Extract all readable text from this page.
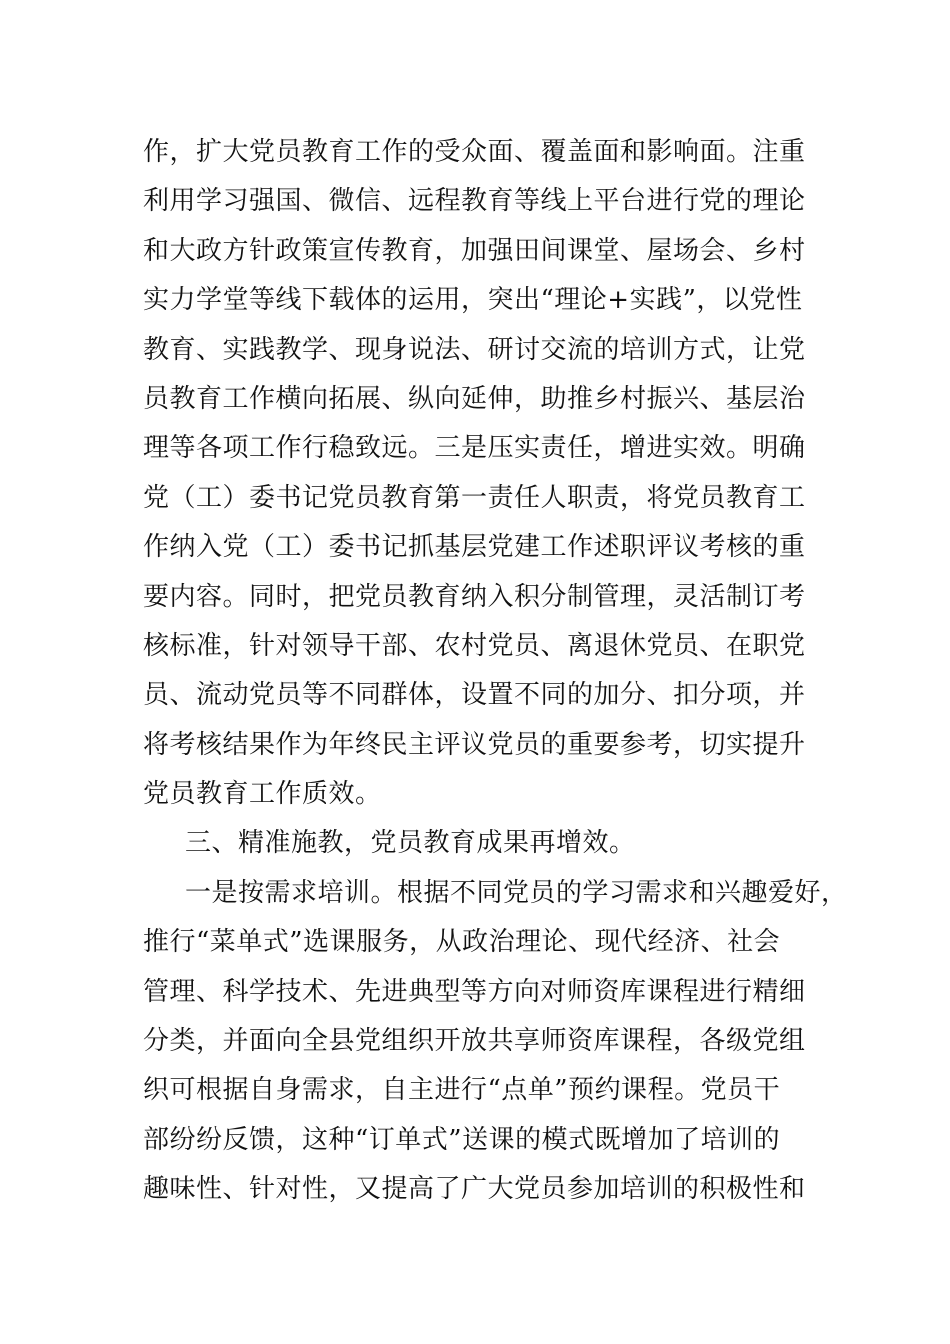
作，扩大党员教育工作的受众面、覆盖面和影响面。注重
利用学习强国、微信、远程教育等线上平台进行党的理论
和大政方针政策宣传教育，加强田间课堂、屋场会、乡村
实力学堂等线下载体的运用，突出“理论+实践”，以党性
教育、实践教学、现身说法、研讨交流的培训方式，让党
员教育工作横向拓展、纵向延伸，助推乡村振兴、基层治
理等各项工作行稳致远。三是压实责任，增进实效。明确
党（工）委书记党员教育第一责任人职责，将党员教育工
作纳入党（工）委书记抓基层党建工作述职评议考核的重
要内容。同时，把党员教育纳入积分制管理，灵活制订考
核标准，针对领导干部、农村党员、离退休党员、在职党
员、流动党员等不同群体，设置不同的加分、扣分项，并
将考核结果作为年终民主评议党员的重要参考，切实提升
党员教育工作质效。
三、精准施教，党员教育成果再增效。
一是按需求培训。根据不同党员的学习需求和兴趣爱好，
推行“菜单式”选课服务，从政治理论、现代经济、社会
管理、科学技术、先进典型等方向对师资库课程进行精细
分类，并面向全县党组织开放共享师资库课程，各级党组
织可根据自身需求，自主进行“点单”预约课程。党员干
部纷纷反馈，这种“订单式”送课的模式既增加了培训的
趣味性、针对性，又提高了广大党员参加培训的积极性和
